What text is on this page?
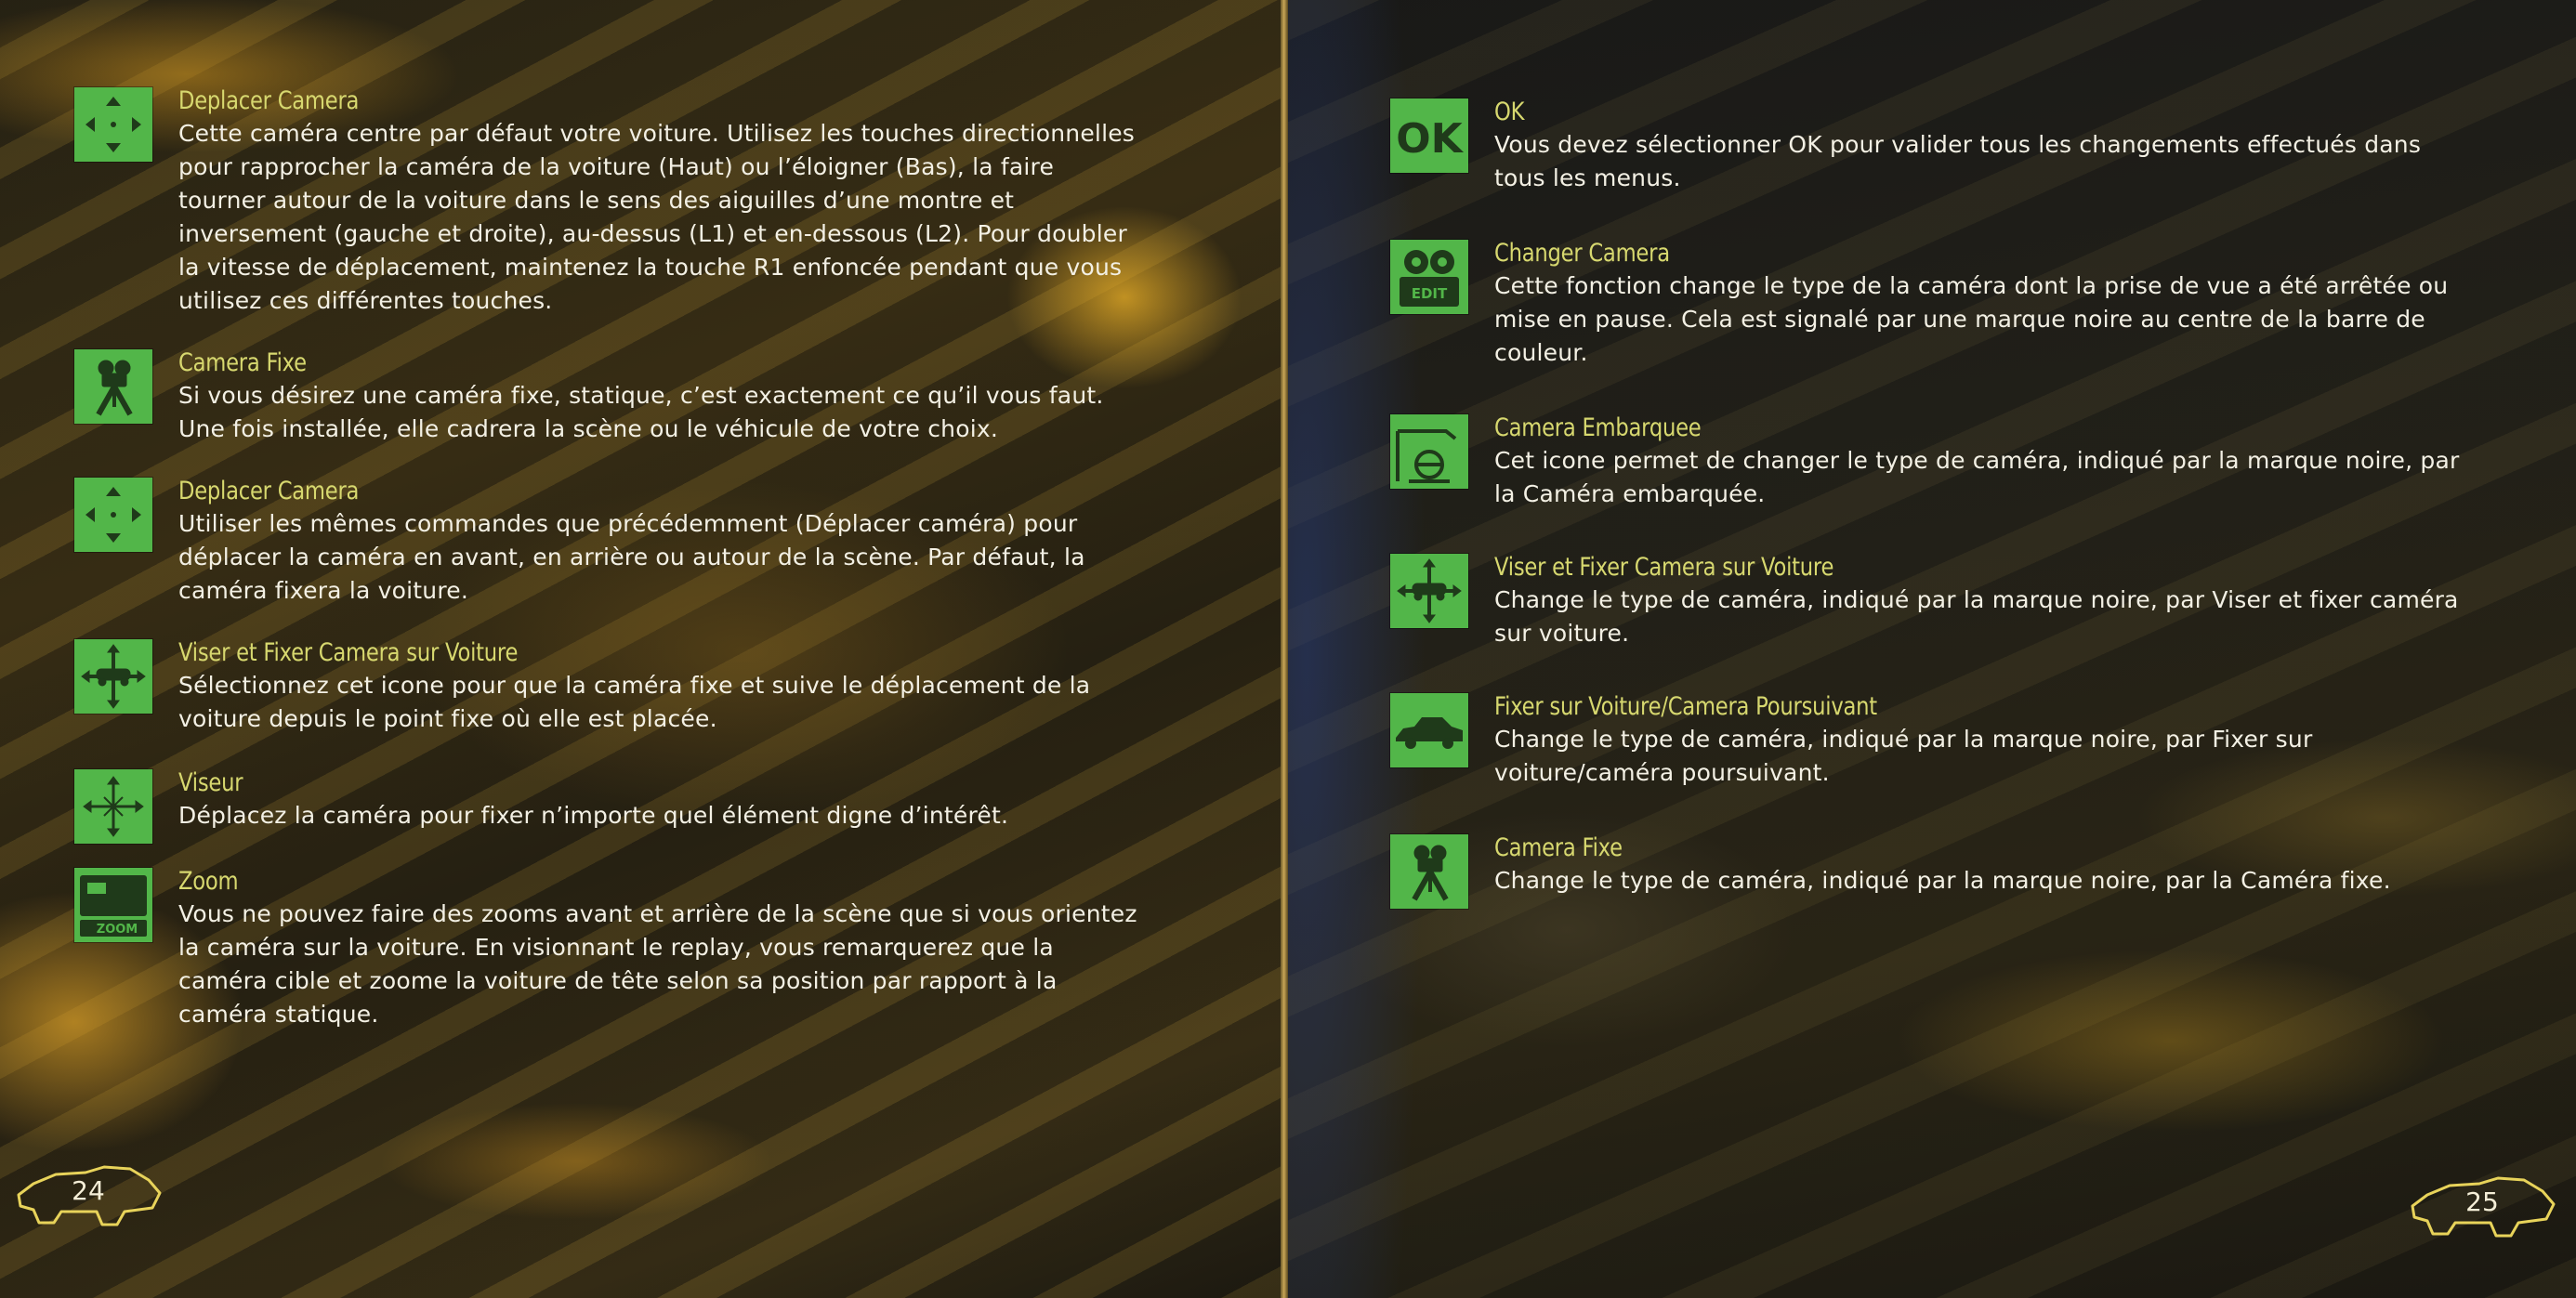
Deplacer Camera
Cette caméra centre par défaut votre voiture. Utilisez les touches directionnelles
pour rapprocher la caméra de la voiture (Haut) ou l’éloigner (Bas), la faire
tourner autour de la voiture dans le sens des aiguilles d’une montre et
inversement (gauche et droite), au-dessus (L1) et en-dessous (L2). Pour doubler
la vitesse de déplacement, maintenez la touche R1 enfoncée pendant que vous
utilisez ces différentes touches.
Camera Fixe
Si vous désirez une caméra fixe, statique, c’est exactement ce qu’il vous faut.
Une fois installée, elle cadrera la scène ou le véhicule de votre choix.
Deplacer Camera
Utiliser les mêmes commandes que précédemment (Déplacer caméra) pour
déplacer la caméra en avant, en arrière ou autour de la scène. Par défaut, la
caméra fixera la voiture.
Viser et Fixer Camera sur Voiture
Sélectionnez cet icone pour que la caméra fixe et suive le déplacement de la
voiture depuis le point fixe où elle est placée.
Viseur
Déplacez la caméra pour fixer n’importe quel élément digne d’intérêt.
ZOOM
Zoom
Vous ne pouvez faire des zooms avant et arrière de la scène que si vous orientez
la caméra sur la voiture. En visionnant le replay, vous remarquerez que la
caméra cible et zoome la voiture de tête selon sa position par rapport à la
caméra statique.
24
OK
OK
Vous devez sélectionner OK pour valider tous les changements effectués dans
tous les menus.
EDIT
Changer Camera
Cette fonction change le type de la caméra dont la prise de vue a été arrêtée ou
mise en pause. Cela est signalé par une marque noire au centre de la barre de
couleur.
Camera Embarquee
Cet icone permet de changer le type de caméra, indiqué par la marque noire, par
la Caméra embarquée.
Viser et Fixer Camera sur Voiture
Change le type de caméra, indiqué par la marque noire, par Viser et fixer caméra
sur voiture.
Fixer sur Voiture/Camera Poursuivant
Change le type de caméra, indiqué par la marque noire, par Fixer sur
voiture/caméra poursuivant.
Camera Fixe
Change le type de caméra, indiqué par la marque noire, par la Caméra fixe.
25
